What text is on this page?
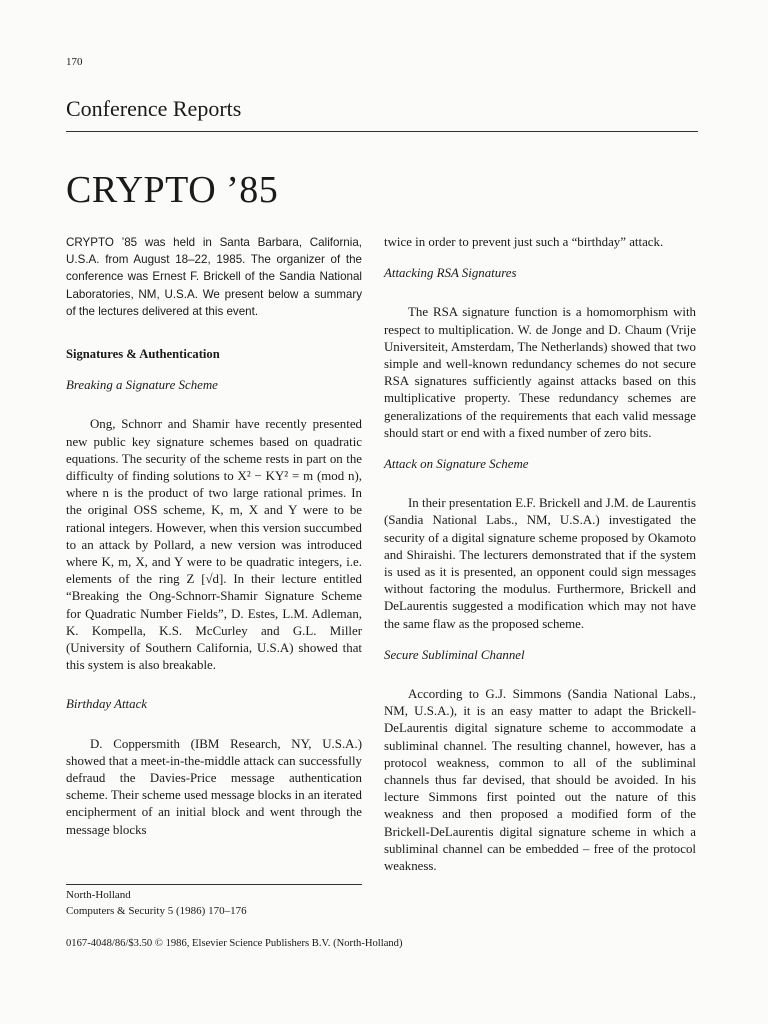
170
Conference Reports
CRYPTO ’85

CRYPTO ’85 was held in Santa Barbara, California, U.S.A. from August 18–22, 1985. The organizer of the conference was Ernest F. Brickell of the Sandia National Laboratories, NM, U.S.A. We present below a summary of the lectures delivered at this event.

Signatures & Authentication

Breaking a Signature Scheme

Ong, Schnorr and Shamir have recently presented new public key signature schemes based on quadratic equations. The security of the scheme rests in part on the difficulty of finding solutions to X² − KY² = m (mod n), where n is the product of two large rational primes. In the original OSS scheme, K, m, X and Y were to be rational integers. However, when this version succumbed to an attack by Pollard, a new version was introduced where K, m, X, and Y were to be quadratic integers, i.e. elements of the ring Z [√d]. In their lecture entitled “Breaking the Ong-Schnorr-Shamir Signature Scheme for Quadratic Number Fields”, D. Estes, L.M. Adleman, K. Kompella, K.S. McCurley and G.L. Miller (University of Southern California, U.S.A) showed that this system is also breakable.

Birthday Attack

D. Coppersmith (IBM Research, NY, U.S.A.) showed that a meet-in-the-middle attack can successfully defraud the Davies-Price message authentication scheme. Their scheme used message blocks in an iterated encipherment of an initial block and went through the message blocks

twice in order to prevent just such a “birthday” attack.

Attacking RSA Signatures

The RSA signature function is a homomorphism with respect to multiplication. W. de Jonge and D. Chaum (Vrije Universiteit, Amsterdam, The Netherlands) showed that two simple and well-known redundancy schemes do not secure RSA signatures sufficiently against attacks based on this multiplicative property. These redundancy schemes are generalizations of the requirements that each valid message should start or end with a fixed number of zero bits.

Attack on Signature Scheme

In their presentation E.F. Brickell and J.M. de Laurentis (Sandia National Labs., NM, U.S.A.) investigated the security of a digital signature scheme proposed by Okamoto and Shiraishi. The lecturers demonstrated that if the system is used as it is presented, an opponent could sign messages without factoring the modulus. Furthermore, Brickell and DeLaurentis suggested a modification which may not have the same flaw as the proposed scheme.

Secure Subliminal Channel

According to G.J. Simmons (Sandia National Labs., NM, U.S.A.), it is an easy matter to adapt the Brickell-DeLaurentis digital signature scheme to accommodate a subliminal channel. The resulting channel, however, has a protocol weakness, common to all of the subliminal channels thus far devised, that should be avoided. In his lecture Simmons first pointed out the nature of this weakness and then proposed a modified form of the Brickell-DeLaurentis digital signature scheme in which a subliminal channel can be embedded – free of the protocol weakness.

North-Holland
Computers & Security 5 (1986) 170–176
0167-4048/86/$3.50 © 1986, Elsevier Science Publishers B.V. (North-Holland)
